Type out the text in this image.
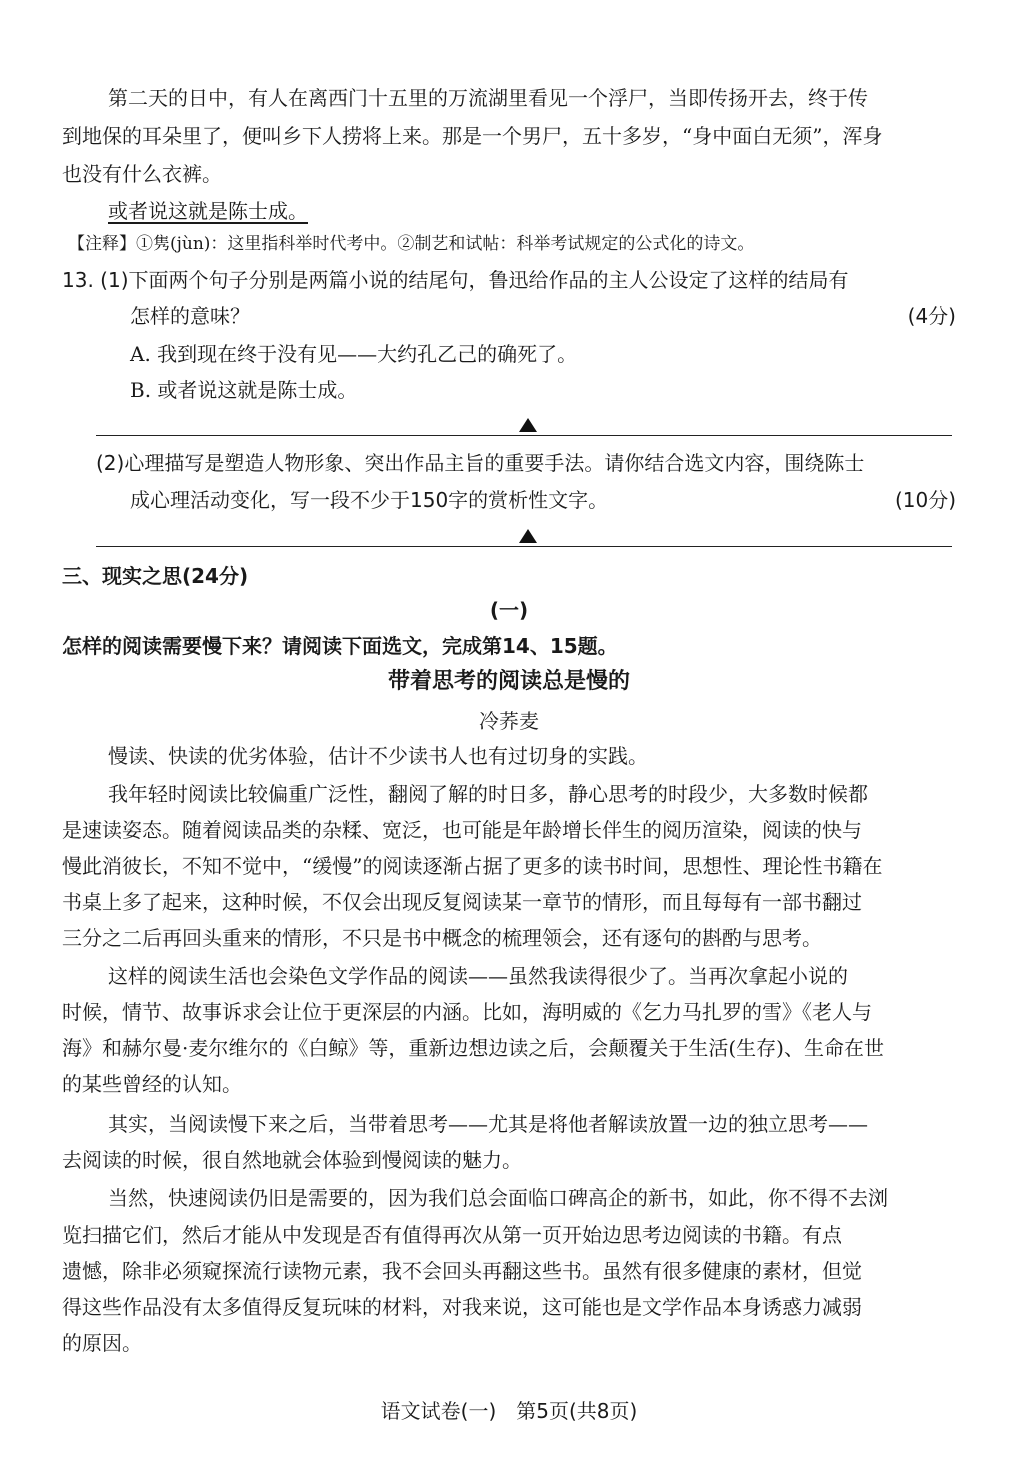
第二天的日中，有人在离西门十五里的万流湖里看见一个浮尸，当即传扬开去，终于传
到地保的耳朵里了，便叫乡下人捞将上来。那是一个男尸，五十多岁，“身中面白无须”，浑身
也没有什么衣裤。
或者说这就是陈士成。
【注释】①隽(jùn)：这里指科举时代考中。②制艺和试帖：科举考试规定的公式化的诗文。
13. (1)下面两个句子分别是两篇小说的结尾句，鲁迅给作品的主人公设定了这样的结局有
怎样的意味？	(4分)
A. 我到现在终于没有见——大约孔乙己的确死了。
B. 或者说这就是陈士成。
(2)心理描写是塑造人物形象、突出作品主旨的重要手法。请你结合选文内容，围绕陈士
成心理活动变化，写一段不少于150字的赏析性文字。	(10分)
三、现实之思(24分)
(一)
怎样的阅读需要慢下来？请阅读下面选文，完成第14、15题。
带着思考的阅读总是慢的
冷荞麦
慢读、快读的优劣体验，估计不少读书人也有过切身的实践。
我年轻时阅读比较偏重广泛性，翻阅了解的时日多，静心思考的时段少，大多数时候都
是速读姿态。随着阅读品类的杂糅、宽泛，也可能是年龄增长伴生的阅历渲染，阅读的快与
慢此消彼长，不知不觉中，“缓慢”的阅读逐渐占据了更多的读书时间，思想性、理论性书籍在
书桌上多了起来，这种时候，不仅会出现反复阅读某一章节的情形，而且每每有一部书翻过
三分之二后再回头重来的情形，不只是书中概念的梳理领会，还有逐句的斟酌与思考。
这样的阅读生活也会染色文学作品的阅读——虽然我读得很少了。当再次拿起小说的
时候，情节、故事诉求会让位于更深层的内涵。比如，海明威的《乞力马扎罗的雪》《老人与
海》和赫尔曼·麦尔维尔的《白鲸》等，重新边想边读之后，会颠覆关于生活(生存)、生命在世
的某些曾经的认知。
其实，当阅读慢下来之后，当带着思考——尤其是将他者解读放置一边的独立思考——
去阅读的时候，很自然地就会体验到慢阅读的魅力。
当然，快速阅读仍旧是需要的，因为我们总会面临口碑高企的新书，如此，你不得不去浏
览扫描它们，然后才能从中发现是否有值得再次从第一页开始边思考边阅读的书籍。有点
遗憾，除非必须窥探流行读物元素，我不会回头再翻这些书。虽然有很多健康的素材，但觉
得这些作品没有太多值得反复玩味的材料，对我来说，这可能也是文学作品本身诱惑力减弱
的原因。
语文试卷(一)　第5页(共8页)
